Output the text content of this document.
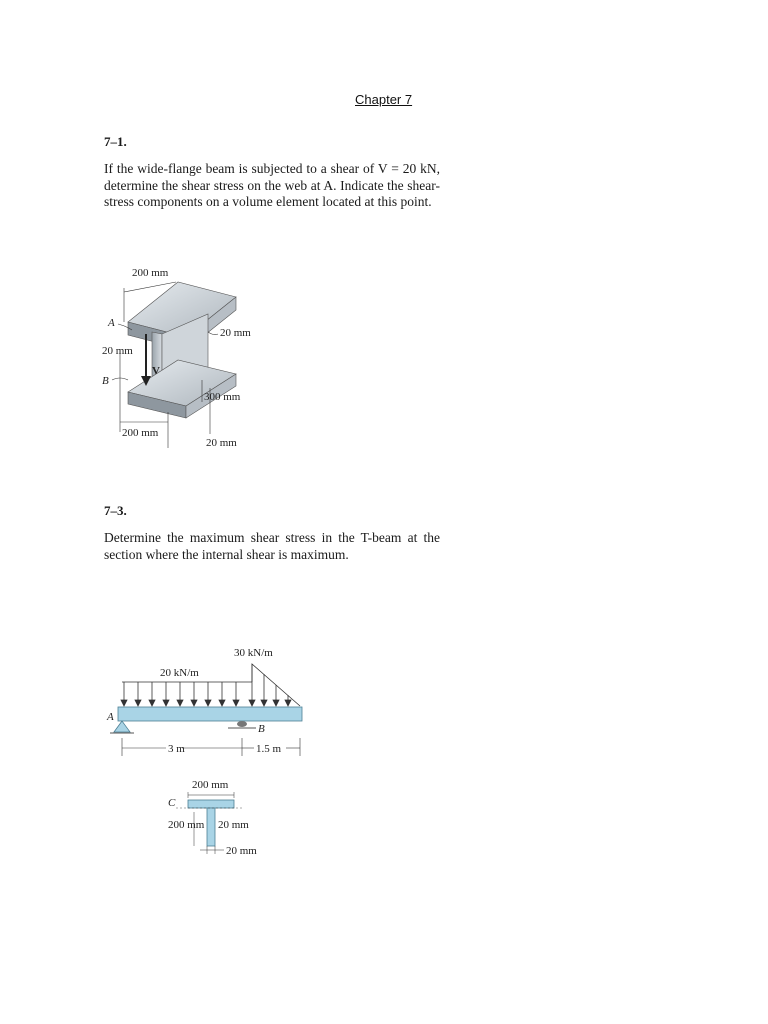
Chapter 7
7–1.
If the wide-flange beam is subjected to a shear of V = 20 kN, determine the shear stress on the web at A. Indicate the shear-stress components on a volume element located at this point.
200 mm
A
20 mm
20 mm
B
V
300 mm
200 mm
20 mm
7–3.
Determine the maximum shear stress in the T-beam at the section where the internal shear is maximum.
30 kN/m
20 kN/m
A
B
3 m	1.5 m
200 mm
C
200 mm 20 mm
20 mm
